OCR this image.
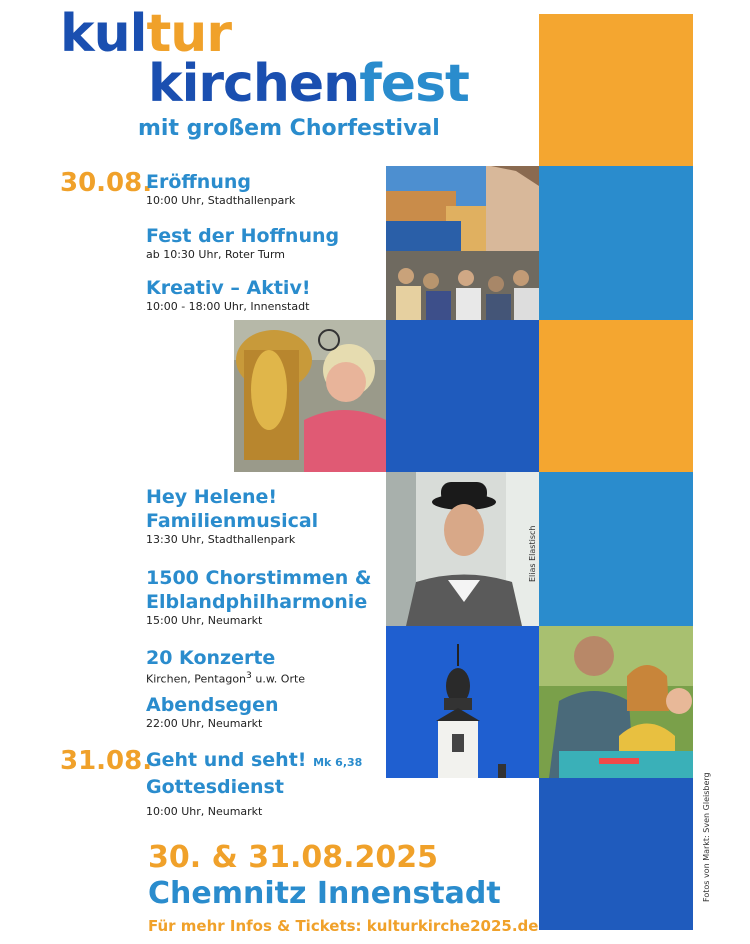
kultur
kirchenfest
mit großem Chorfestival
Elias Elastisch
30.08.
Eröffnung
10:00 Uhr, Stadthallenpark
Fest der Hoffnung
ab 10:30 Uhr, Roter Turm
Kreativ – Aktiv!
10:00 - 18:00 Uhr, Innenstadt
Hey Helene!
Familienmusical
13:30 Uhr, Stadthallenpark
1500 Chorstimmen &
Elblandphilharmonie
15:00 Uhr, Neumarkt
20 Konzerte
Kirchen, Pentagon$^3$ u.w. Orte
Abendsegen
22:00 Uhr, Neumarkt
31.08.
Geht und seht! Mk 6,38
Gottesdienst
10:00 Uhr, Neumarkt
30. & 31.08.2025
Chemnitz Innenstadt
Für mehr Infos & Tickets: kulturkirche2025.de
Fotos von Markt: Sven Gleisberg
